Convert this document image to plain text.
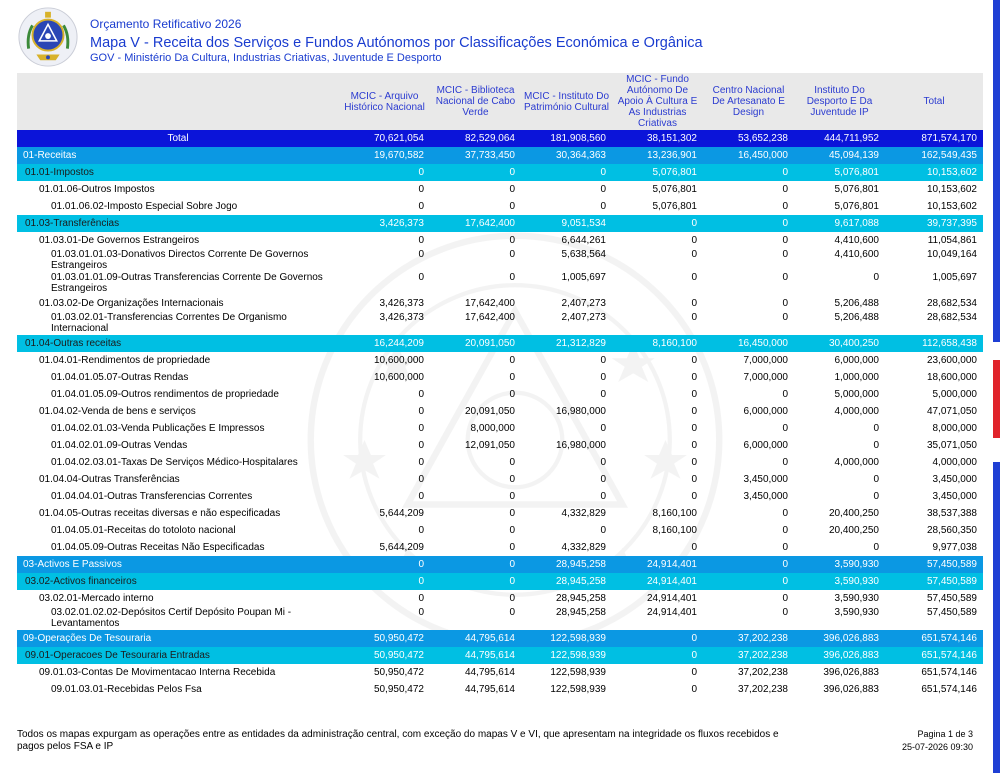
Orçamento Retificativo 2026
Mapa V - Receita dos Serviços e Fundos Autónomos por Classificações Económica e Orgânica
GOV - Ministério Da Cultura, Industrias Criativas, Juventude E Desporto
	MCIC - Arquivo Histórico Nacional	MCIC - Biblioteca Nacional de Cabo Verde	MCIC - Instituto Do Património Cultural	MCIC - Fundo Autónomo De Apoio À Cultura E As Industrias Criativas	Centro Nacional De Artesanato E Design	Instituto Do Desporto E Da Juventude IP	Total
Total	70,621,054	82,529,064	181,908,560	38,151,302	53,652,238	444,711,952	871,574,170
01-Receitas	19,670,582	37,733,450	30,364,363	13,236,901	16,450,000	45,094,139	162,549,435
01.01-Impostos	0	0	0	5,076,801	0	5,076,801	10,153,602
01.01.06-Outros Impostos	0	0	0	5,076,801	0	5,076,801	10,153,602
01.01.06.02-Imposto Especial Sobre Jogo	0	0	0	5,076,801	0	5,076,801	10,153,602
01.03-Transferências	3,426,373	17,642,400	9,051,534	0	0	9,617,088	39,737,395
01.03.01-De Governos Estrangeiros	0	0	6,644,261	0	0	4,410,600	11,054,861
01.03.01.01.03-Donativos Directos Corrente De Governos Estrangeiros	0	0	5,638,564	0	0	4,410,600	10,049,164
01.03.01.01.09-Outras Transferencias Corrente De Governos Estrangeiros	0	0	1,005,697	0	0	0	1,005,697
01.03.02-De Organizações Internacionais	3,426,373	17,642,400	2,407,273	0	0	5,206,488	28,682,534
01.03.02.01-Transferencias Correntes De Organismo Internacional	3,426,373	17,642,400	2,407,273	0	0	5,206,488	28,682,534
01.04-Outras receitas	16,244,209	20,091,050	21,312,829	8,160,100	16,450,000	30,400,250	112,658,438
01.04.01-Rendimentos de propriedade	10,600,000	0	0	0	7,000,000	6,000,000	23,600,000
01.04.01.05.07-Outras Rendas	10,600,000	0	0	0	7,000,000	1,000,000	18,600,000
01.04.01.05.09-Outros rendimentos de propriedade	0	0	0	0	0	5,000,000	5,000,000
01.04.02-Venda de bens e serviços	0	20,091,050	16,980,000	0	6,000,000	4,000,000	47,071,050
01.04.02.01.03-Venda Publicações E Impressos	0	8,000,000	0	0	0	0	8,000,000
01.04.02.01.09-Outras Vendas	0	12,091,050	16,980,000	0	6,000,000	0	35,071,050
01.04.02.03.01-Taxas De Serviços Médico-Hospitalares	0	0	0	0	0	4,000,000	4,000,000
01.04.04-Outras Transferências	0	0	0	0	3,450,000	0	3,450,000
01.04.04.01-Outras Transferencias Correntes	0	0	0	0	3,450,000	0	3,450,000
01.04.05-Outras receitas diversas e não especificadas	5,644,209	0	4,332,829	8,160,100	0	20,400,250	38,537,388
01.04.05.01-Receitas do totoloto nacional	0	0	0	8,160,100	0	20,400,250	28,560,350
01.04.05.09-Outras Receitas Não Especificadas	5,644,209	0	4,332,829	0	0	0	9,977,038
03-Activos E Passivos	0	0	28,945,258	24,914,401	0	3,590,930	57,450,589
03.02-Activos financeiros	0	0	28,945,258	24,914,401	0	3,590,930	57,450,589
03.02.01-Mercado interno	0	0	28,945,258	24,914,401	0	3,590,930	57,450,589
03.02.01.02.02-Depósitos Certif Depósito Poupan Mi - Levantamentos	0	0	28,945,258	24,914,401	0	3,590,930	57,450,589
09-Operações De Tesouraria	50,950,472	44,795,614	122,598,939	0	37,202,238	396,026,883	651,574,146
09.01-Operacoes De Tesouraria Entradas	50,950,472	44,795,614	122,598,939	0	37,202,238	396,026,883	651,574,146
09.01.03-Contas De Movimentacao Interna Recebida	50,950,472	44,795,614	122,598,939	0	37,202,238	396,026,883	651,574,146
09.01.03.01-Recebidas Pelos Fsa	50,950,472	44,795,614	122,598,939	0	37,202,238	396,026,883	651,574,146
Todos os mapas expurgam as operações entre as entidades da administração central, com exceção do mapas V e VI, que apresentam na integridade os fluxos recebidos e pagos pelos FSA e IP
Pagina 1 de 3
25-07-2026 09:30
